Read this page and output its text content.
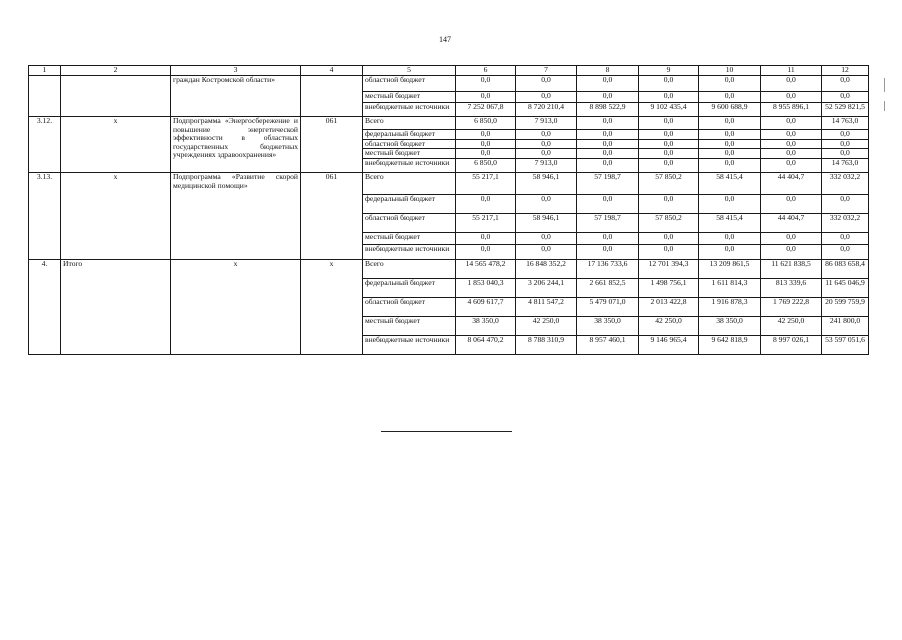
147
1	2	3	4	5	6	7	8	9	10	11	12
		граждан Костромской области»		областной бюджет	0,0	0,0	0,0	0,0	0,0	0,0	0,0
				местный бюджет	0,0	0,0	0,0	0,0	0,0	0,0	0,0
				внебюджетные источники	7 252 067,8	8 720 210,4	8 898 522,9	9 102 435,4	9 600 688,9	8 955 896,1	52 529 821,5
3.12.	х	Подпрограмма «Энергосбережение и повышение энергетической эффективности в областных государственных бюджетных учреждениях здравоохранения»	061	Всего	6 850,0	7 913,0	0,0	0,0	0,0	0,0	14 763,0
				федеральный бюджет	0,0	0,0	0,0	0,0	0,0	0,0	0,0
				областной бюджет	0,0	0,0	0,0	0,0	0,0	0,0	0,0
				местный бюджет	0,0	0,0	0,0	0,0	0,0	0,0	0,0
				внебюджетные источники	6 850,0	7 913,0	0,0	0,0	0,0	0,0	14 763,0
3.13.	х	Подпрограмма «Развитие скорой медицинской помощи»	061	Всего	55 217,1	58 946,1	57 198,7	57 850,2	58 415,4	44 404,7	332 032,2
				федеральный бюджет	0,0	0,0	0,0	0,0	0,0	0,0	0,0
				областной бюджет	55 217,1	58 946,1	57 198,7	57 850,2	58 415,4	44 404,7	332 032,2
				местный бюджет	0,0	0,0	0,0	0,0	0,0	0,0	0,0
				внебюджетные источники	0,0	0,0	0,0	0,0	0,0	0,0	0,0
4.	Итого	х	х	Всего	14 565 478,2	16 848 352,2	17 136 733,6	12 701 394,3	13 209 861,5	11 621 838,5	86 083 658,4
				федеральный бюджет	1 853 040,3	3 206 244,1	2 661 852,5	1 498 756,1	1 611 814,3	813 339,6	11 645 046,9
				областной бюджет	4 609 617,7	4 811 547,2	5 479 071,0	2 013 422,8	1 916 878,3	1 769 222,8	20 599 759,9
				местный бюджет	38 350,0	42 250,0	38 350,0	42 250,0	38 350,0	42 250,0	241 800,0
				внебюджетные источники	8 064 470,2	8 788 310,9	8 957 460,1	9 146 965,4	9 642 818,9	8 997 026,1	53 597 051,6
